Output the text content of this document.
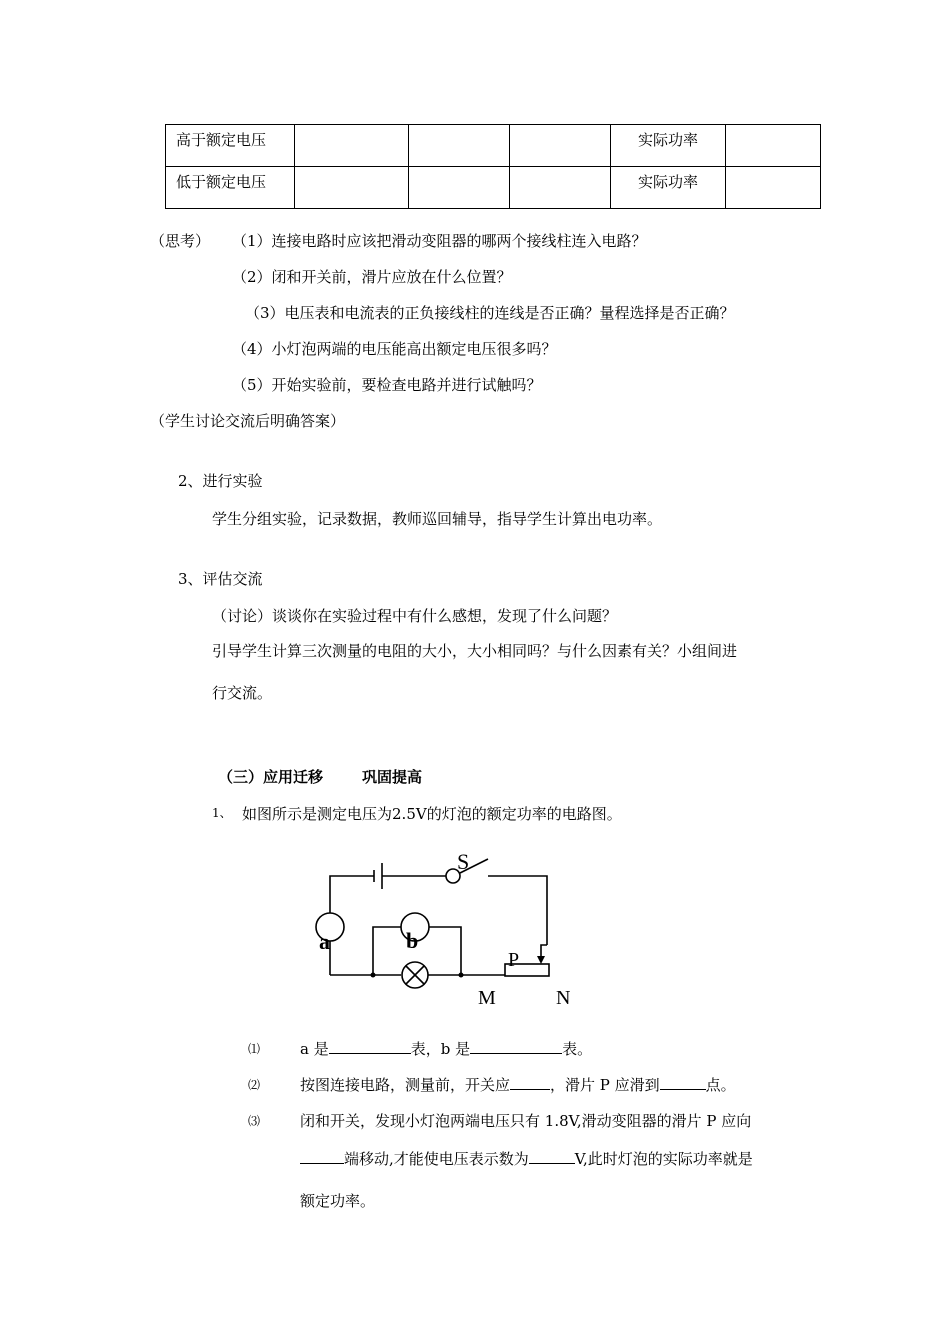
高于额定电压				实际功率	
低于额定电压				实际功率	
（思考） （1）连接电路时应该把滑动变阻器的哪两个接线柱连入电路？
（2）闭和开关前，滑片应放在什么位置？
（3）电压表和电流表的正负接线柱的连线是否正确？量程选择是否正确？
（4）小灯泡两端的电压能高出额定电压很多吗？
（5）开始实验前，要检查电路并进行试触吗？
（学生讨论交流后明确答案）
2、进行实验
学生分组实验，记录数据，教师巡回辅导，指导学生计算出电功率。
3、评估交流
（讨论）谈谈你在实验过程中有什么感想，发现了什么问题？
引导学生计算三次测量的电阻的大小，大小相同吗？与什么因素有关？小组间进
行交流。
（三）应用迁移	巩固提高
1、 如图所示是测定电压为2.5V的灯泡的额定功率的电路图。
S
a	b
P
M	N
⑴	a 是	表，b 是	表。
⑵	按图连接电路，测量前，开关应	，滑片 P 应滑到	点。
⑶	闭和开关，发现小灯泡两端电压只有 1.8V,滑动变阻器的滑片 P 应向
端移动,才能使电压表示数为	V,此时灯泡的实际功率就是
额定功率。
